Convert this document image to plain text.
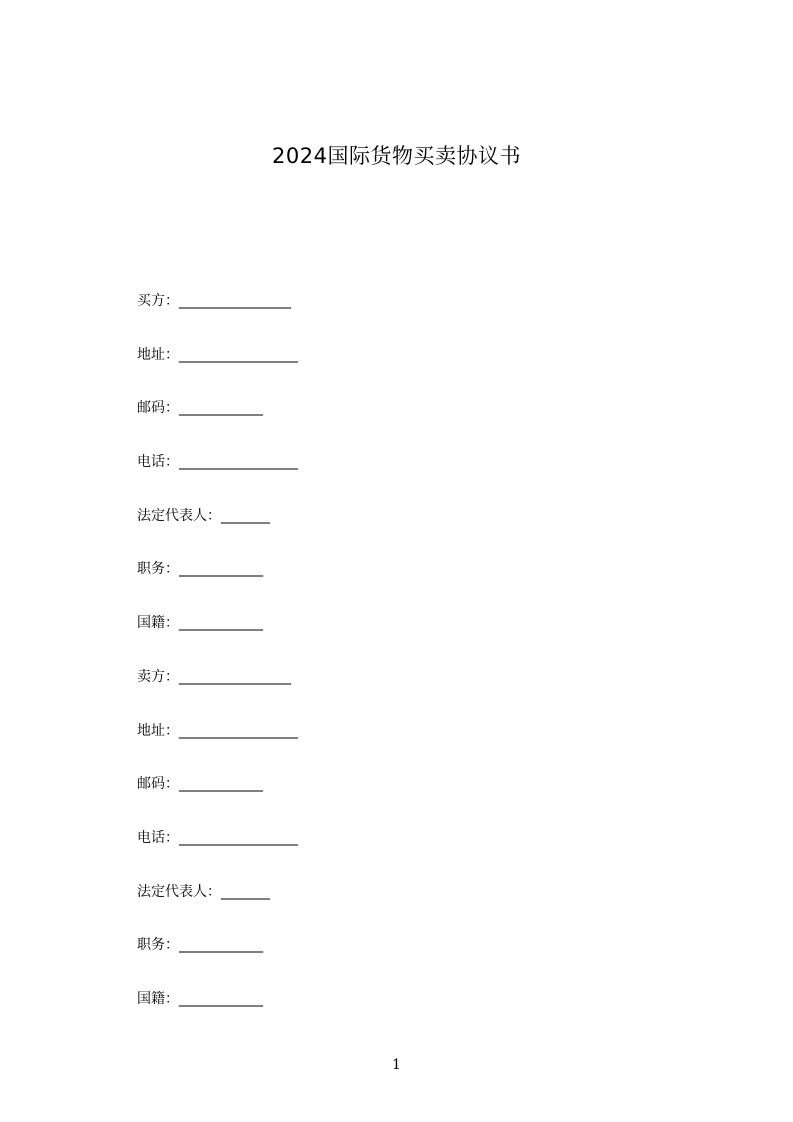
2024国际货物买卖协议书
买方：________________
地址：_________________
邮码：____________
电话：_________________
法定代表人：_______
职务：____________
国籍：____________
卖方：________________
地址：_________________
邮码：____________
电话：_________________
法定代表人：_______
职务：____________
国籍：____________
1
